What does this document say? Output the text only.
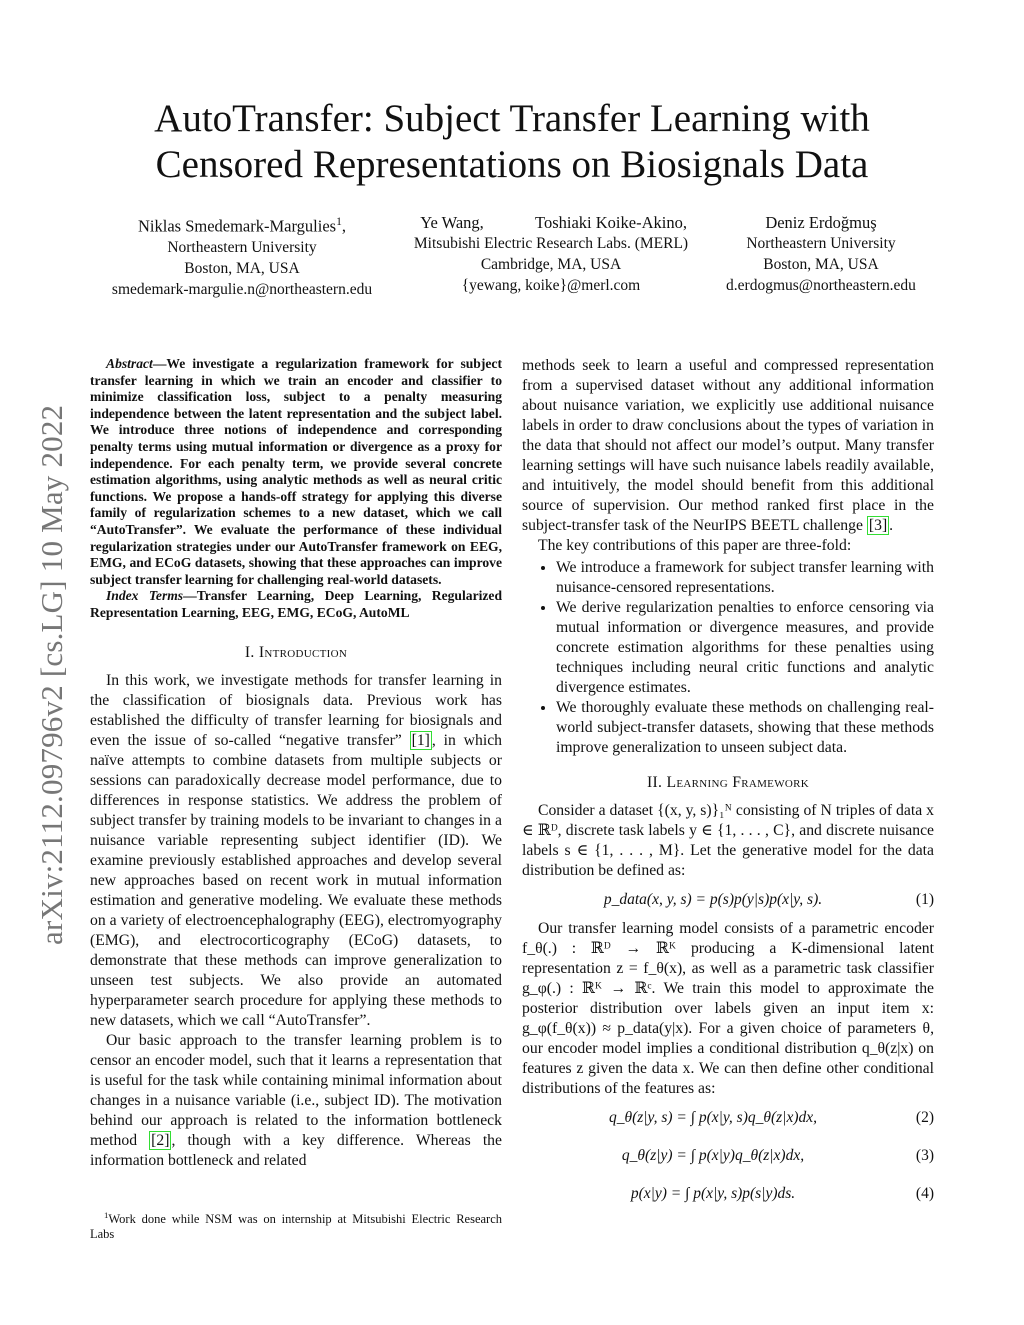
arXiv:2112.09796v2 [cs.LG] 10 May 2022
AutoTransfer: Subject Transfer Learning with
Censored Representations on Biosignals Data
Niklas Smedemark-Margulies$^1$,
Northeastern University
Boston, MA, USA
smedemark-margulie.n@northeastern.edu
Ye Wang,	Toshiaki Koike-Akino,
Mitsubishi Electric Research Labs. (MERL)
Cambridge, MA, USA
{yewang, koike}@merl.com
Deniz Erdoğmuş
Northeastern University
Boston, MA, USA
d.erdogmus@northeastern.edu

Abstract—We investigate a regularization framework for subject transfer learning in which we train an encoder and classifier to minimize classification loss, subject to a penalty measuring independence between the latent representation and the subject label. We introduce three notions of independence and corresponding penalty terms using mutual information or divergence as a proxy for independence. For each penalty term, we provide several concrete estimation algorithms, using analytic methods as well as neural critic functions. We propose a hands-off strategy for applying this diverse family of regularization schemes to a new dataset, which we call “AutoTransfer”. We evaluate the performance of these individual regularization strategies under our AutoTransfer framework on EEG, EMG, and ECoG datasets, showing that these approaches can improve subject transfer learning for challenging real-world datasets.

Index Terms—Transfer Learning, Deep Learning, Regularized Representation Learning, EEG, EMG, ECoG, AutoML

I. Introduction

In this work, we investigate methods for transfer learning in the classification of biosignals data. Previous work has established the difficulty of transfer learning for biosignals and even the issue of so-called “negative transfer” [1] , in which naïve attempts to combine datasets from multiple subjects or sessions can paradoxically decrease model performance, due to differences in response statistics. We address the problem of subject transfer by training models to be invariant to changes in a nuisance variable representing subject identifier (ID). We examine previously established approaches and develop several new approaches based on recent work in mutual information estimation and generative modeling. We evaluate these methods on a variety of electroencephalography (EEG), electromyography (EMG), and electrocorticography (ECoG) datasets, to demonstrate that these methods can improve generalization to unseen test subjects. We also provide an automated hyperparameter search procedure for applying these methods to new datasets, which we call “AutoTransfer”.

Our basic approach to the transfer learning problem is to censor an encoder model, such that it learns a representation that is useful for the task while containing minimal information about changes in a nuisance variable (i.e., subject ID). The motivation behind our approach is related to the information bottleneck method [2] , though with a key difference. Whereas the information bottleneck and related

$^1$Work done while NSM was on internship at Mitsubishi Electric Research Labs

methods seek to learn a useful and compressed representation from a supervised dataset without any additional information about nuisance variation, we explicitly use additional nuisance labels in order to draw conclusions about the types of variation in the data that should not affect our model’s output. Many transfer learning settings will have such nuisance labels readily available, and intuitively, the model should benefit from this additional source of supervision. Our method ranked first place in the subject-transfer task of the NeurIPS BEETL challenge [3] .

The key contributions of this paper are three-fold:

• We introduce a framework for subject transfer learning with nuisance-censored representations.
• We derive regularization penalties to enforce censoring via mutual information or divergence measures, and provide concrete estimation algorithms for these penalties using techniques including neural critic functions and analytic divergence estimates.
• We thoroughly evaluate these methods on challenging real-world subject-transfer datasets, showing that these methods improve generalization to unseen subject data.
II. Learning Framework

Consider a dataset {(x, y, s)}₁ᴺ consisting of N triples of data x ∈ ℝᴰ, discrete task labels y ∈ {1, . . . , C}, and discrete nuisance labels s ∈ {1, . . . , M}. Let the generative model for the data distribution be defined as:

p_data(x, y, s) = p(s)p(y|s)p(x|y, s).	(1)

Our transfer learning model consists of a parametric encoder f_θ(.) : ℝᴰ → ℝᴷ producing a K-dimensional latent representation z = f_θ(x), as well as a parametric task classifier g_φ(.) : ℝᴷ → ℝᶜ. We train this model to approximate the posterior distribution over labels given an input item x: g_φ(f_θ(x)) ≈ p_data(y|x). For a given choice of parameters θ, our encoder model implies a conditional distribution q_θ(z|x) on features z given the data x. We can then define other conditional distributions of the features as:

q_θ(z|y, s) = ∫ p(x|y, s)q_θ(z|x)dx,	(2)
q_θ(z|y) = ∫ p(x|y)q_θ(z|x)dx,	(3)
p(x|y) = ∫ p(x|y, s)p(s|y)ds.	(4)
